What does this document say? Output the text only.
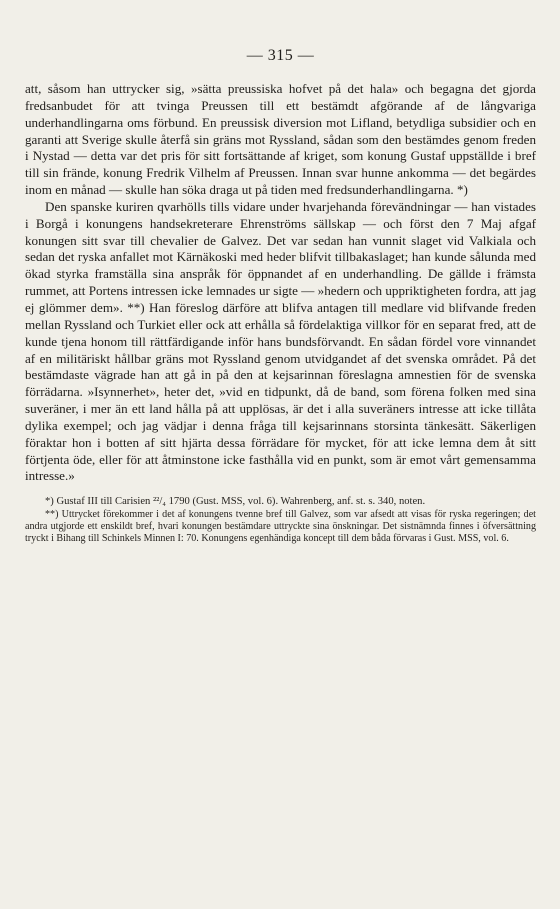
— 315 —

att, såsom han uttrycker sig, »sätta preussiska hofvet på det hala» och begagna det gjorda fredsanbudet för att tvinga Preussen till ett bestämdt afgörande af de långvariga underhandlingarna oms förbund. En preussisk diversion mot Lifland, betydliga subsidier och en garanti att Sverige skulle återfå sin gräns mot Ryssland, sådan som den bestämdes genom freden i Nystad — detta var det pris för sitt fortsättande af kriget, som konung Gustaf uppställde i bref till sin frände, konung Fredrik Vilhelm af Preussen. Innan svar hunne ankomma — det begärdes inom en månad — skulle han söka draga ut på tiden med fredsunderhandlingarna. *)

Den spanske kuriren qvarhölls tills vidare under hvarjehanda förevändningar — han vistades i Borgå i konungens handsekreterare Ehrenströms sällskap — och först den 7 Maj afgaf konungen sitt svar till chevalier de Galvez. Det var sedan han vunnit slaget vid Valkiala och sedan det ryska anfallet mot Kärnäkoski med heder blifvit tillbakaslaget; han kunde sålunda med ökad styrka framställa sina anspråk för öppnandet af en underhandling. De gällde i främsta rummet, att Portens intressen icke lemnades ur sigte — »hedern och uppriktigheten fordra, att jag ej glömmer dem». **) Han föreslog därföre att blifva antagen till medlare vid blifvande freden mellan Ryssland och Turkiet eller ock att erhålla så fördelaktiga villkor för en separat fred, att de kunde tjena honom till rättfärdigande inför hans bundsförvandt. En sådan fördel vore vinnandet af en militäriskt hållbar gräns mot Ryssland genom utvidgandet af det svenska området. På det bestämdaste vägrade han att gå in på den at kejsarinnan föreslagna amnestien för de svenska förrädarna. »Isynnerhet», heter det, »vid en tidpunkt, då de band, som förena folken med sina suveräner, i mer än ett land hålla på att upplösas, är det i alla suveräners intresse att icke tillåta dylika exempel; och jag vädjar i denna fråga till kejsarinnans storsinta tänkesätt. Säkerligen föraktar hon i botten af sitt hjärta dessa förrädare för mycket, för att icke lemna dem åt sitt förtjenta öde, eller för att åtminstone icke fasthålla vid en punkt, som är emot vårt gemensamma intresse.»

*) Gustaf III till Carisien ²²/₄ 1790 (Gust. MSS, vol. 6). Wahrenberg, anf. st. s. 340, noten.

**) Uttrycket förekommer i det af konungens tvenne bref till Galvez, som var afsedt att visas för ryska regeringen; det andra utgjorde ett enskildt bref, hvari konungen bestämdare uttryckte sina önskningar. Det sistnämnda finnes i öfversättning tryckt i Bihang till Schinkels Minnen I: 70. Konungens egenhändiga koncept till dem båda förvaras i Gust. MSS, vol. 6.
